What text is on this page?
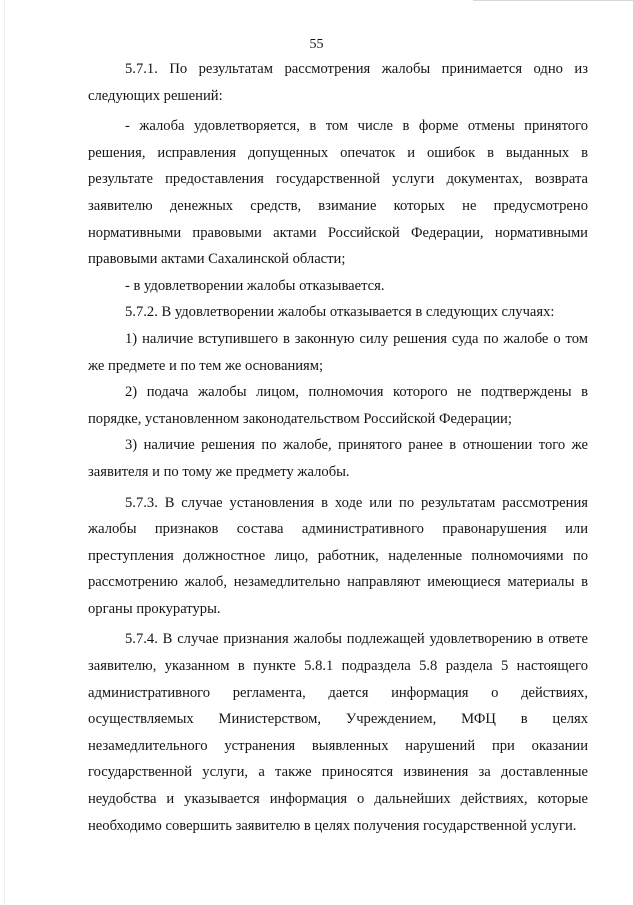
55

5.7.1. По результатам рассмотрения жалобы принимается одно из следующих решений:

- жалоба удовлетворяется, в том числе в форме отмены принятого решения, исправления допущенных опечаток и ошибок в выданных в результате предоставления государственной услуги документах, возврата заявителю денежных средств, взимание которых не предусмотрено нормативными правовыми актами Российской Федерации, нормативными правовыми актами Сахалинской области;

- в удовлетворении жалобы отказывается.

5.7.2. В удовлетворении жалобы отказывается в следующих случаях:

1) наличие вступившего в законную силу решения суда по жалобе о том же предмете и по тем же основаниям;

2) подача жалобы лицом, полномочия которого не подтверждены в порядке, установленном законодательством Российской Федерации;

3) наличие решения по жалобе, принятого ранее в отношении того же заявителя и по тому же предмету жалобы.

5.7.3. В случае установления в ходе или по результатам рассмотрения жалобы признаков состава административного правонарушения или преступления должностное лицо, работник, наделенные полномочиями по рассмотрению жалоб, незамедлительно направляют имеющиеся материалы в органы прокуратуры.

5.7.4. В случае признания жалобы подлежащей удовлетворению в ответе заявителю, указанном в пункте 5.8.1 подраздела 5.8 раздела 5 настоящего административного регламента, дается информация о действиях, осуществляемых Министерством, Учреждением, МФЦ в целях незамедлительного устранения выявленных нарушений при оказании государственной услуги, а также приносятся извинения за доставленные неудобства и указывается информация о дальнейших действиях, которые необходимо совершить заявителю в целях получения государственной услуги.
